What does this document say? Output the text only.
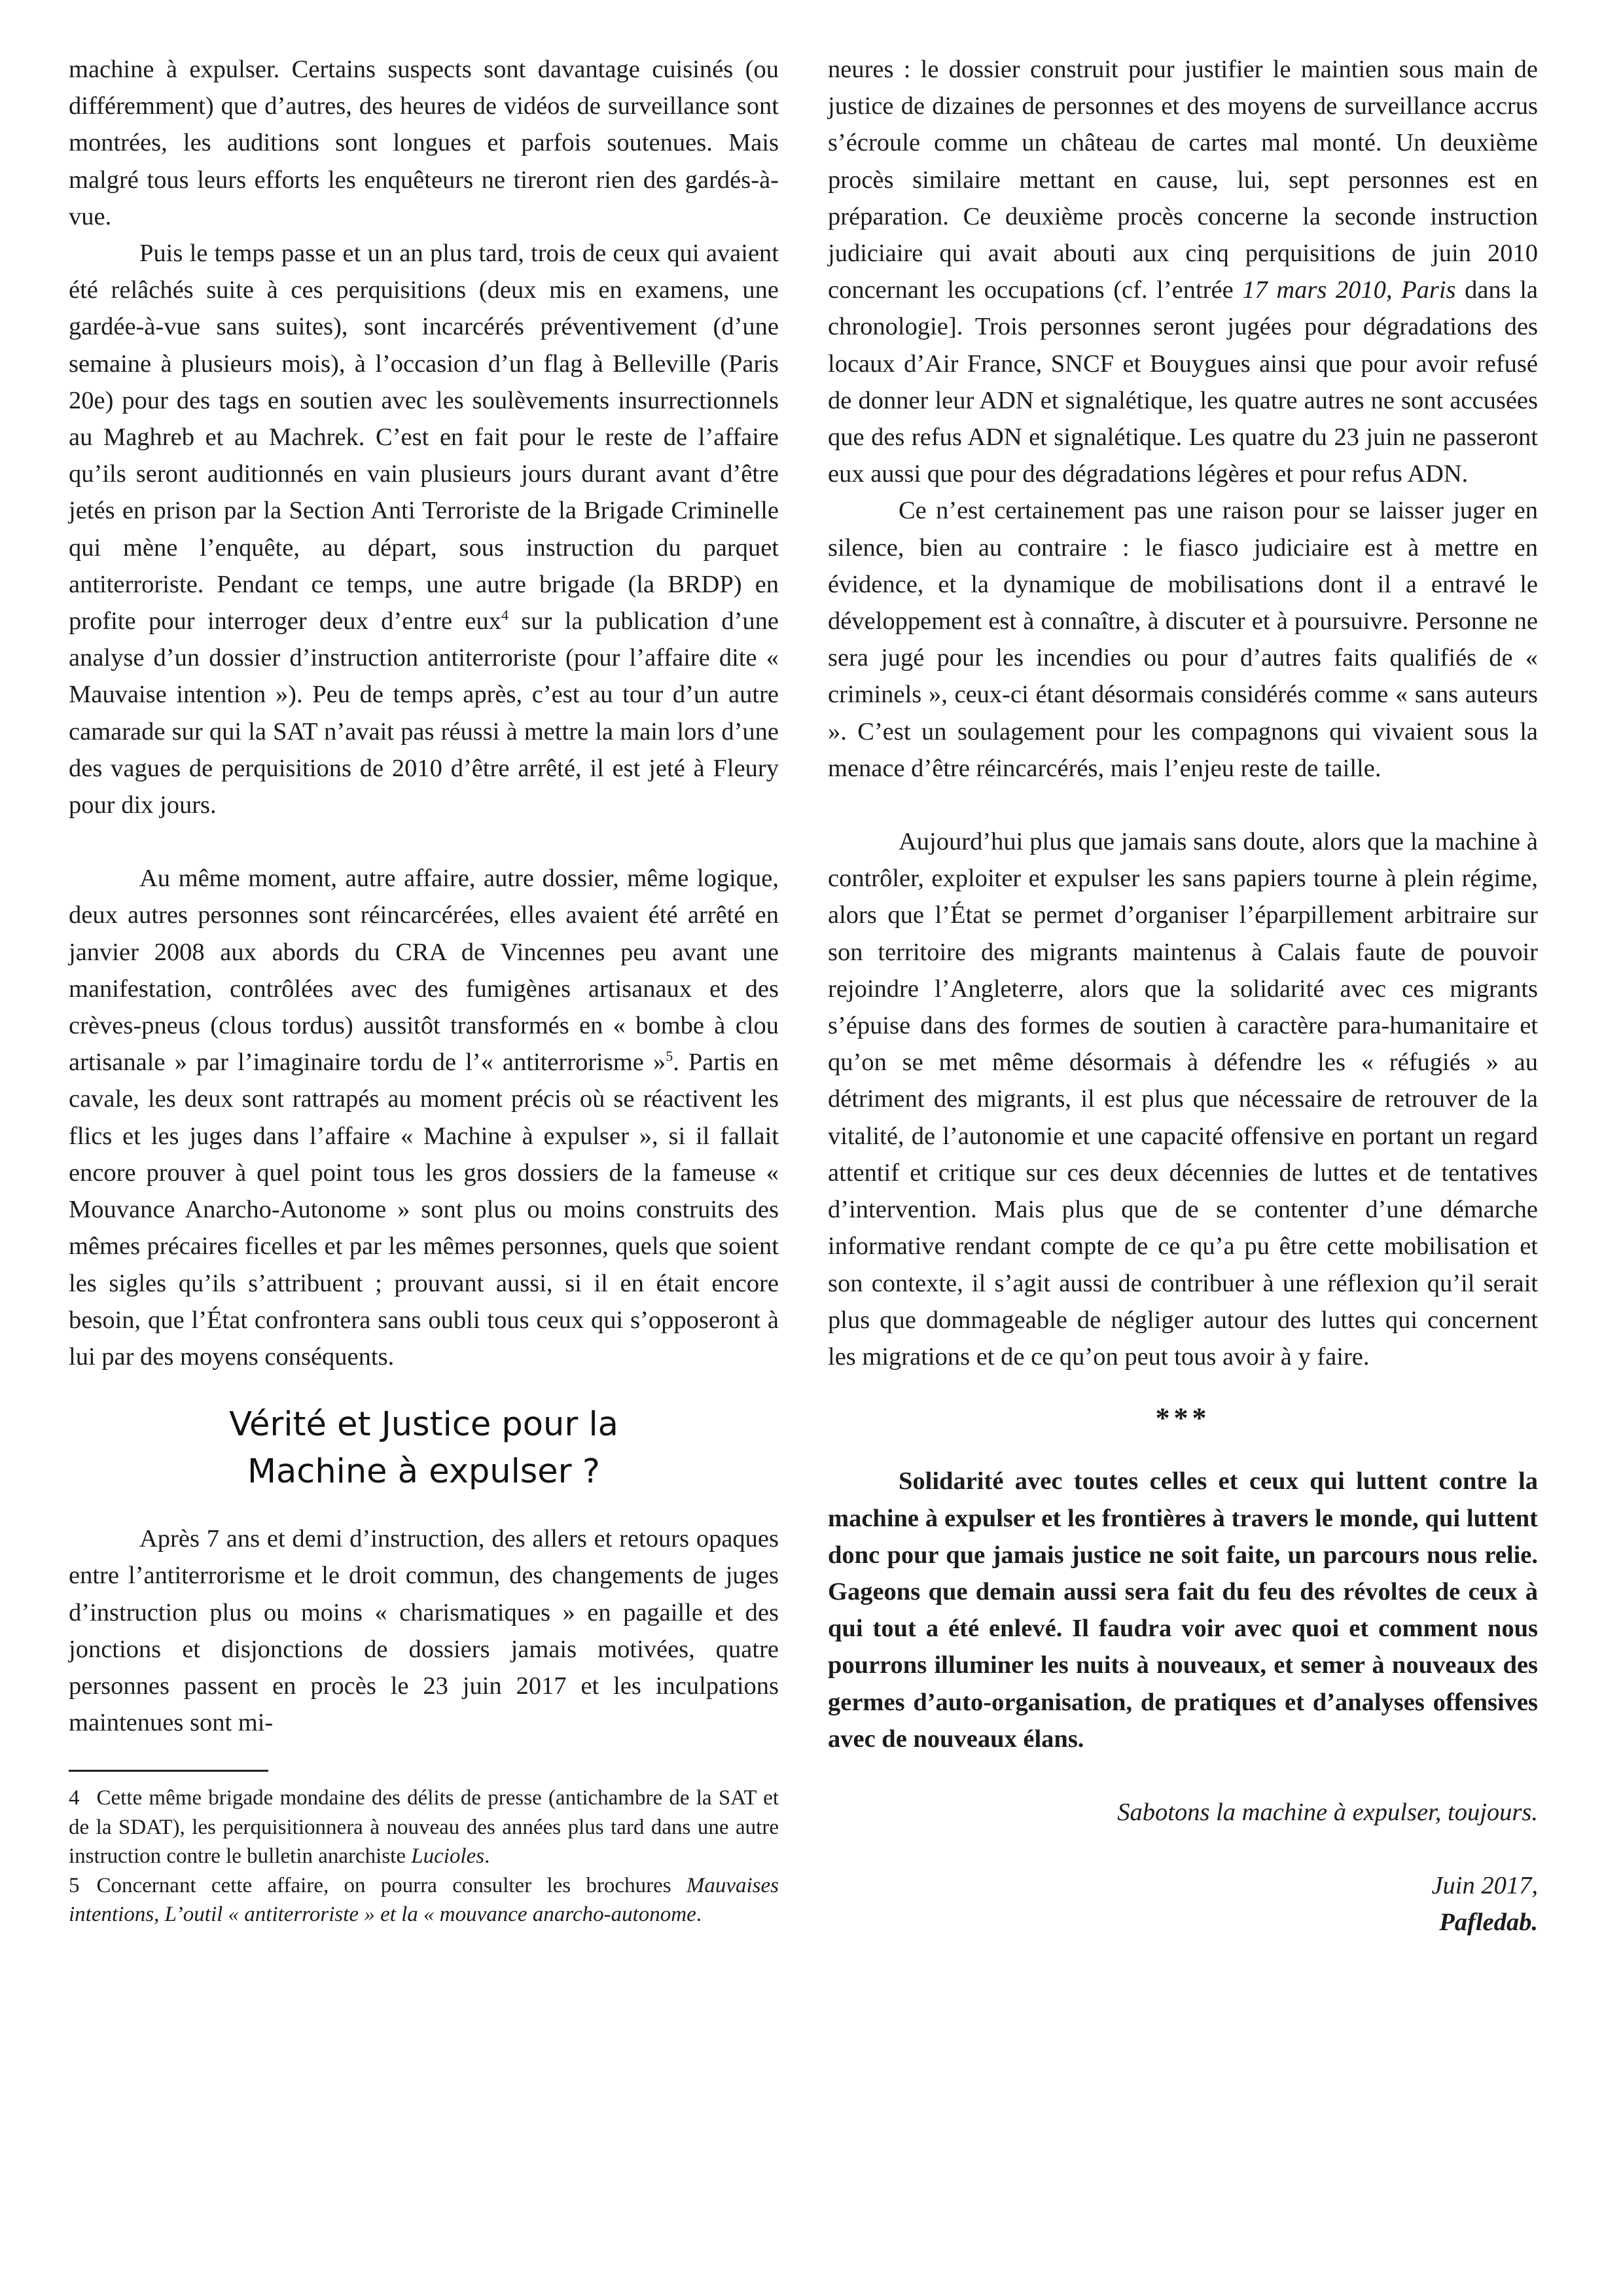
machine à expulser. Certains suspects sont davantage cuisinés (ou différemment) que d’autres, des heures de vidéos de surveillance sont montrées, les auditions sont longues et parfois soutenues. Mais malgré tous leurs efforts les enquêteurs ne tireront rien des gardés-à-vue.

Puis le temps passe et un an plus tard, trois de ceux qui avaient été relâchés suite à ces perquisitions (deux mis en examens, une gardée-à-vue sans suites), sont incarcérés préventivement (d’une semaine à plusieurs mois), à l’occasion d’un flag à Belleville (Paris 20e) pour des tags en soutien avec les soulèvements insurrectionnels au Maghreb et au Machrek. C’est en fait pour le reste de l’affaire qu’ils seront auditionnés en vain plusieurs jours durant avant d’être jetés en prison par la Section Anti Terroriste de la Brigade Criminelle qui mène l’enquête, au départ, sous instruction du parquet antiterroriste. Pendant ce temps, une autre brigade (la BRDP) en profite pour interroger deux d’entre eux$^4$ sur la publication d’une analyse d’un dossier d’instruction antiterroriste (pour l’affaire dite « Mauvaise intention »). Peu de temps après, c’est au tour d’un autre camarade sur qui la SAT n’avait pas réussi à mettre la main lors d’une des vagues de perquisitions de 2010 d’être arrêté, il est jeté à Fleury pour dix jours.

Au même moment, autre affaire, autre dossier, même logique, deux autres personnes sont réincarcérées, elles avaient été arrêté en janvier 2008 aux abords du CRA de Vincennes peu avant une manifestation, contrôlées avec des fumigènes artisanaux et des crèves-pneus (clous tordus) aussitôt transformés en « bombe à clou artisanale » par l’imaginaire tordu de l’« antiterrorisme »$^5$. Partis en cavale, les deux sont rattrapés au moment précis où se réactivent les flics et les juges dans l’affaire « Machine à expulser », si il fallait encore prouver à quel point tous les gros dossiers de la fameuse « Mouvance Anarcho-Autonome » sont plus ou moins construits des mêmes précaires ficelles et par les mêmes personnes, quels que soient les sigles qu’ils s’attribuent ; prouvant aussi, si il en était encore besoin, que l’État confrontera sans oubli tous ceux qui s’opposeront à lui par des moyens conséquents.

Vérité et Justice pour la
Machine à expulser ?

Après 7 ans et demi d’instruction, des allers et retours opaques entre l’antiterrorisme et le droit commun, des changements de juges d’instruction plus ou moins « charismatiques » en pagaille et des jonctions et disjonctions de dossiers jamais motivées, quatre personnes passent en procès le 23 juin 2017 et les inculpations maintenues sont mi-

4 Cette même brigade mondaine des délits de presse (antichambre de la SAT et de la SDAT), les perquisitionnera à nouveau des années plus tard dans une autre instruction contre le bulletin anarchiste Lucioles.

5 Concernant cette affaire, on pourra consulter les brochures Mauvaises intentions, L’outil « antiterroriste » et la « mouvance anarcho-autonome.

neures : le dossier construit pour justifier le maintien sous main de justice de dizaines de personnes et des moyens de surveillance accrus s’écroule comme un château de cartes mal monté. Un deuxième procès similaire mettant en cause, lui, sept personnes est en préparation. Ce deuxième procès concerne la seconde instruction judiciaire qui avait abouti aux cinq perquisitions de juin 2010 concernant les occupations (cf. l’entrée 17 mars 2010, Paris dans la chronologie]. Trois personnes seront jugées pour dégradations des locaux d’Air France, SNCF et Bouygues ainsi que pour avoir refusé de donner leur ADN et signalétique, les quatre autres ne sont accusées que des refus ADN et signalétique. Les quatre du 23 juin ne passeront eux aussi que pour des dégradations légères et pour refus ADN.

Ce n’est certainement pas une raison pour se laisser juger en silence, bien au contraire : le fiasco judiciaire est à mettre en évidence, et la dynamique de mobilisations dont il a entravé le développement est à connaître, à discuter et à poursuivre. Personne ne sera jugé pour les incendies ou pour d’autres faits qualifiés de « criminels », ceux-ci étant désormais considérés comme « sans auteurs ». C’est un soulagement pour les compagnons qui vivaient sous la menace d’être réincarcérés, mais l’enjeu reste de taille.

Aujourd’hui plus que jamais sans doute, alors que la machine à contrôler, exploiter et expulser les sans papiers tourne à plein régime, alors que l’État se permet d’organiser l’éparpillement arbitraire sur son territoire des migrants maintenus à Calais faute de pouvoir rejoindre l’Angleterre, alors que la solidarité avec ces migrants s’épuise dans des formes de soutien à caractère para-humanitaire et qu’on se met même désormais à défendre les « réfugiés » au détriment des migrants, il est plus que nécessaire de retrouver de la vitalité, de l’autonomie et une capacité offensive en portant un regard attentif et critique sur ces deux décennies de luttes et de tentatives d’intervention. Mais plus que de se contenter d’une démarche informative rendant compte de ce qu’a pu être cette mobilisation et son contexte, il s’agit aussi de contribuer à une réflexion qu’il serait plus que dommageable de négliger autour des luttes qui concernent les migrations et de ce qu’on peut tous avoir à y faire.

***

Solidarité avec toutes celles et ceux qui luttent contre la machine à expulser et les frontières à travers le monde, qui luttent donc pour que jamais justice ne soit faite, un parcours nous relie. Gageons que demain aussi sera fait du feu des révoltes de ceux à qui tout a été enlevé. Il faudra voir avec quoi et comment nous pourrons illuminer les nuits à nouveaux, et semer à nouveaux des germes d’auto-organisation, de pratiques et d’analyses offensives avec de nouveaux élans.

Sabotons la machine à expulser, toujours.

Juin 2017,

Pafledab.
